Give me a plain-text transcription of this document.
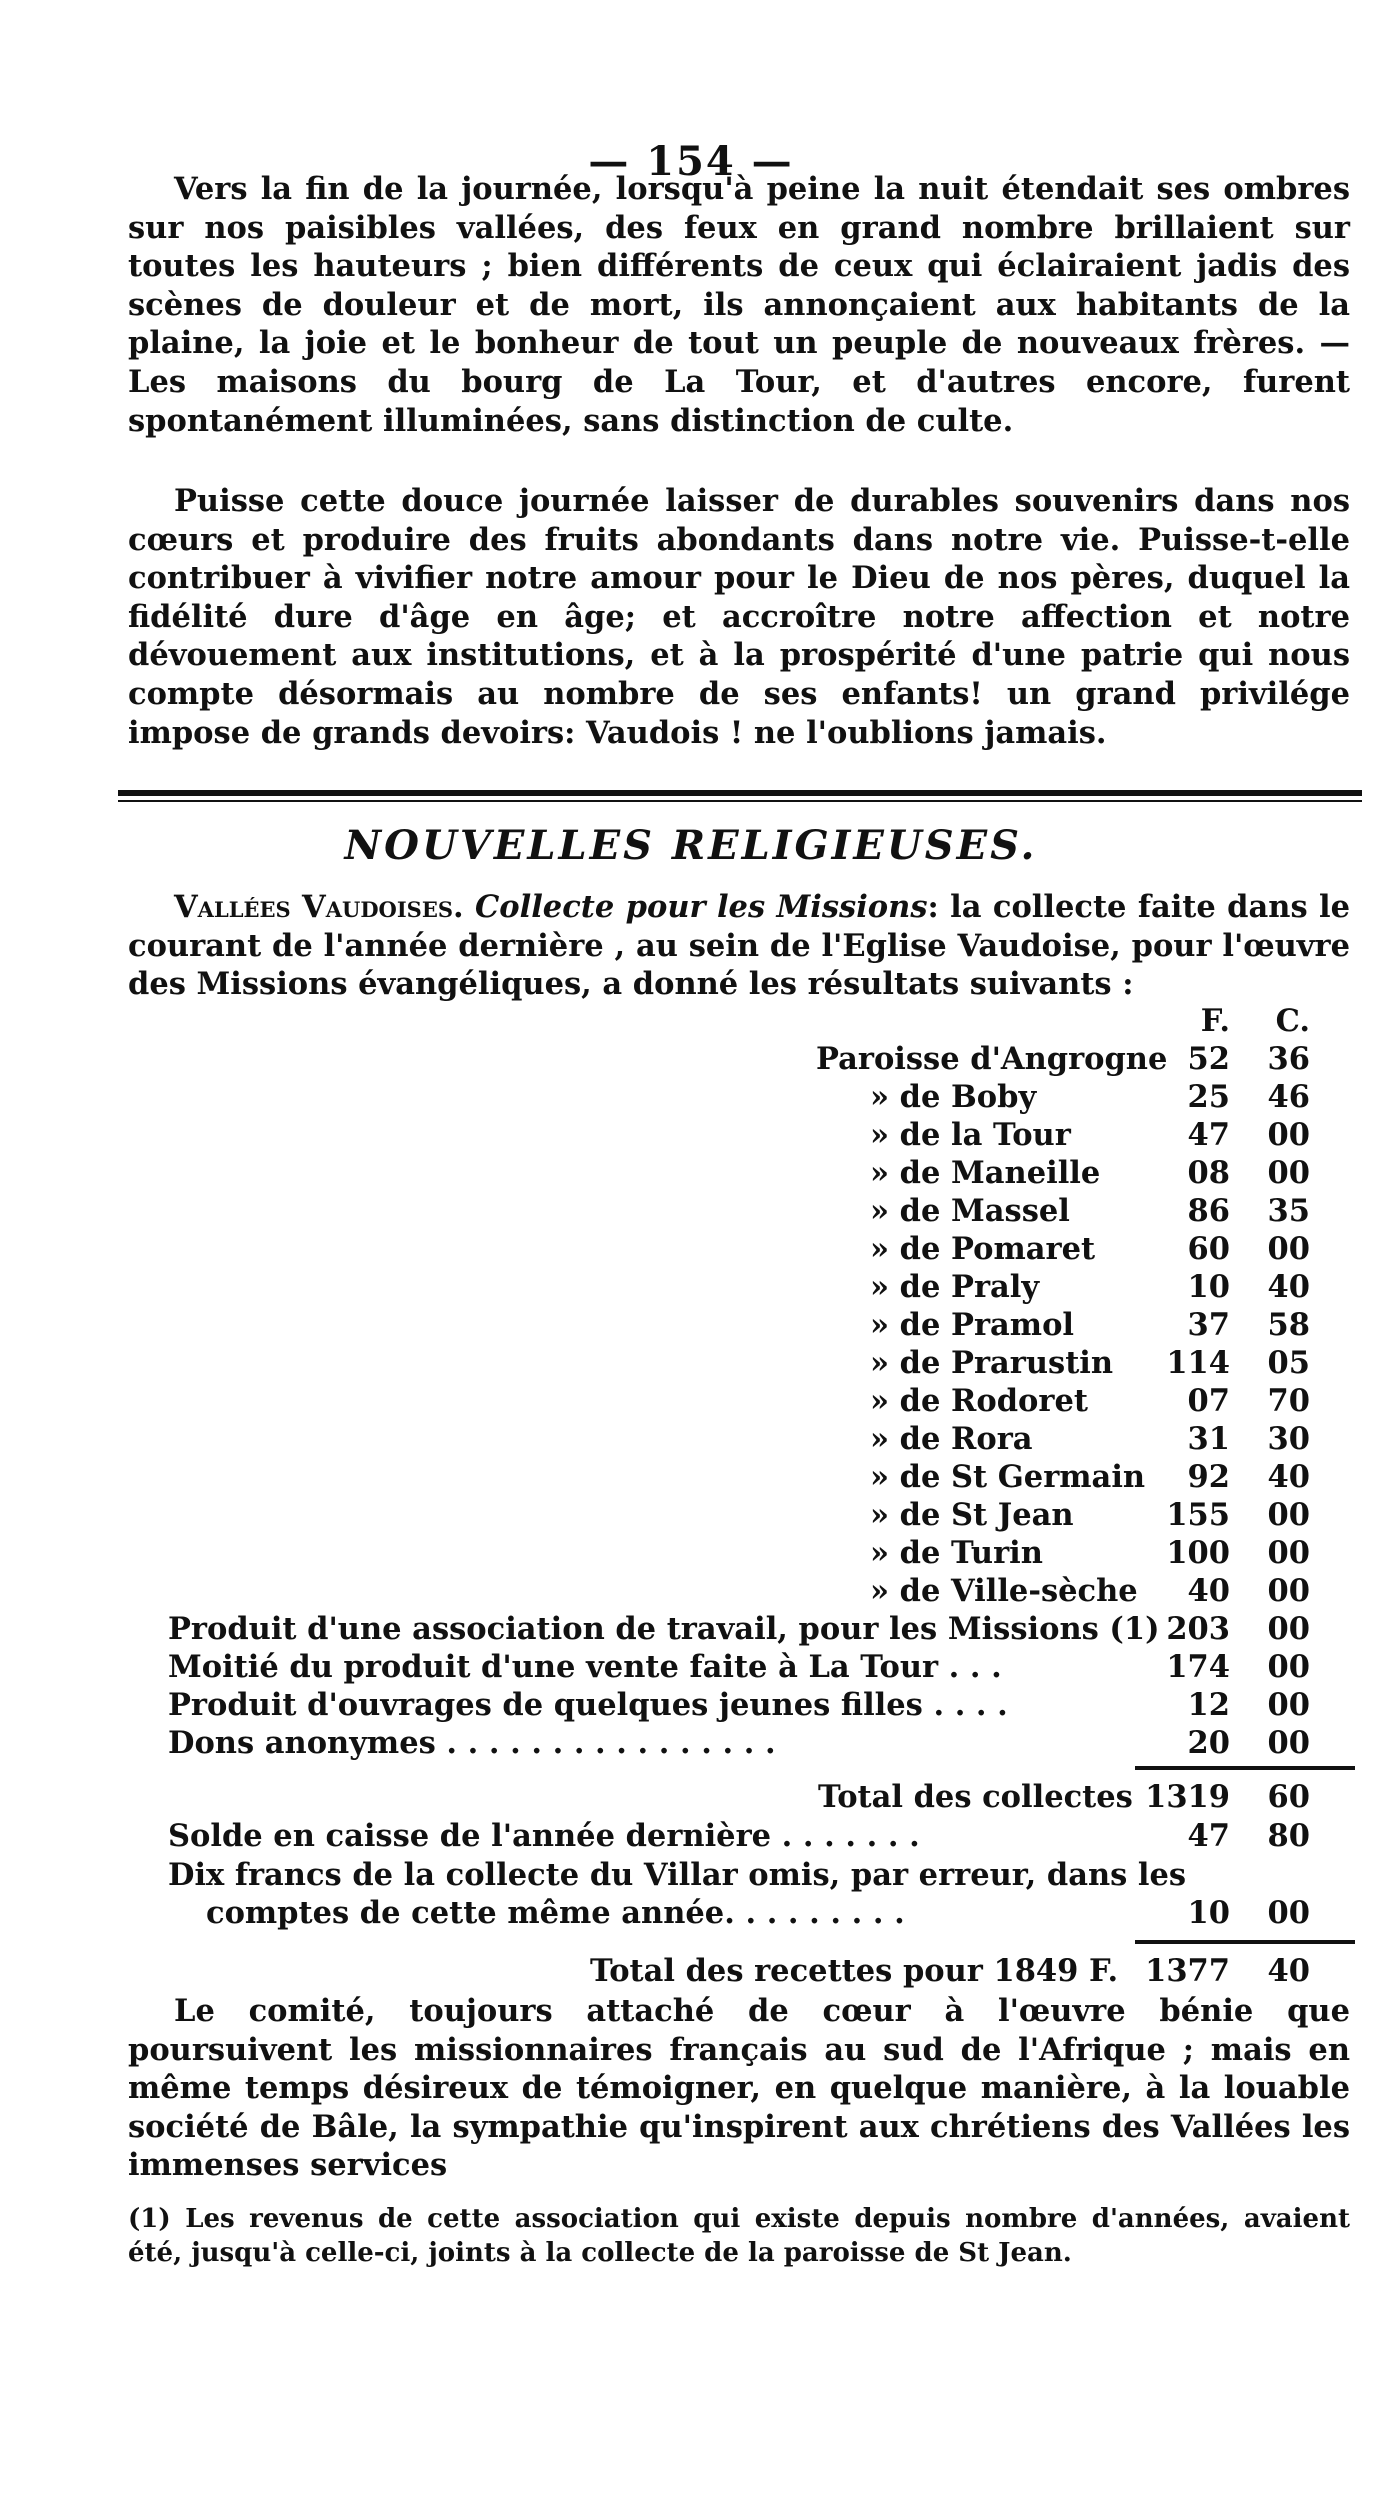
— 154 —

Vers la fin de la journée, lorsqu'à peine la nuit étendait ses ombres sur nos paisibles vallées, des feux en grand nombre brillaient sur toutes les hauteurs ; bien différents de ceux qui éclairaient jadis des scènes de douleur et de mort, ils annonçaient aux habitants de la plaine, la joie et le bonheur de tout un peuple de nouveaux frères. — Les maisons du bourg de La Tour, et d'autres encore, furent spontanément illuminées, sans distinction de culte.

Puisse cette douce journée laisser de durables souvenirs dans nos cœurs et produire des fruits abondants dans notre vie. Puisse-t-elle contribuer à vivifier notre amour pour le Dieu de nos pères, duquel la fidélité dure d'âge en âge; et accroître notre affection et notre dévouement aux institutions, et à la prospérité d'une patrie qui nous compte désormais au nombre de ses enfants! un grand privilége impose de grands devoirs: Vaudois ! ne l'oublions jamais.

NOUVELLES RELIGIEUSES.

Vallées Vaudoises. Collecte pour les Missions: la collecte faite dans le courant de l'année dernière , au sein de l'Eglise Vaudoise, pour l'œuvre des Missions évangéliques, a donné les résultats suivants :

F.	C.
Paroisse d'Angrogne 52	36
» de Boby	25	46
» de la Tour	47	00
» de Maneille	08	00
» de Massel	86	35
» de Pomaret	60	00
» de Praly	10	40
» de Pramol	37	58
» de Prarustin	114	05
» de Rodoret	07	70
» de Rora	31	30
» de St Germain	92	40
» de St Jean	155	00
» de Turin	100	00
» de Ville-sèche	40	00
Produit d'une association de travail, pour les Missions (1) 203	00
Moitié du produit d'une vente faite à La Tour . . .	174	00
Produit d'ouvrages de quelques jeunes filles . . . .	12	00
Dons anonymes . . . . . . . . . . . . . . . .	20	00
Total des collectes 1319	60
Solde en caisse de l'année dernière . . . . . . .	47	80
Dix francs de la collecte du Villar omis, par erreur, dans les
comptes de cette même année. . . . . . . . .	10	00
Total des recettes pour 1849 F. 1377	40

Le comité, toujours attaché de cœur à l'œuvre bénie que poursuivent les missionnaires français au sud de l'Afrique ; mais en même temps désireux de témoigner, en quelque manière, à la louable société de Bâle, la sympathie qu'inspirent aux chrétiens des Vallées les immenses services

(1) Les revenus de cette association qui existe depuis nombre d'années, avaient été, jusqu'à celle-ci, joints à la collecte de la paroisse de St Jean.
